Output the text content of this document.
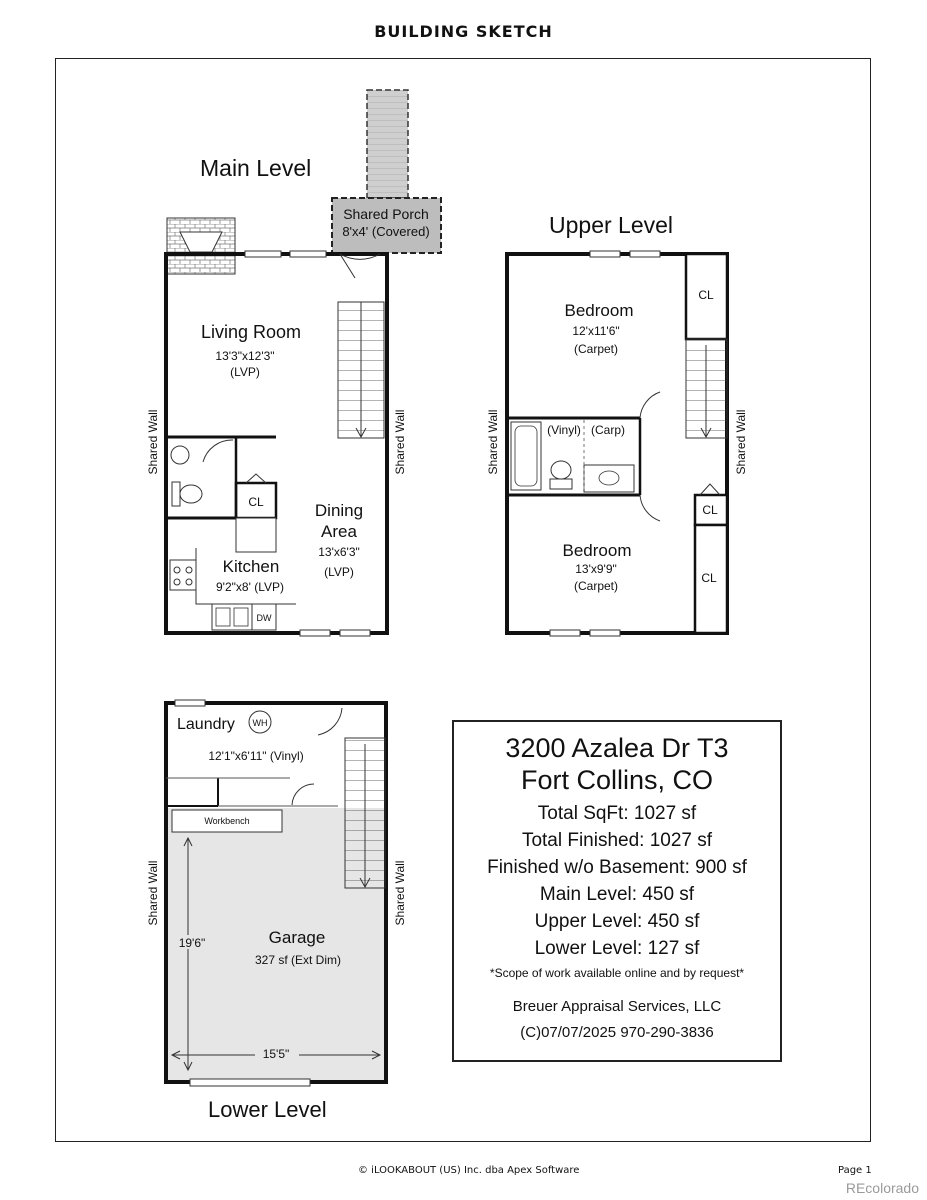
BUILDING SKETCH
Main Level
Shared Porch
8'x4' (Covered)
Living Room
13'3"x12'3"
(LVP)
CL
DW
Kitchen
9'2"x8' (LVP)
Dining
Area
13'x6'3"
(LVP)
Shared Wall	Shared Wall
Upper Level
CL
Bedroom
12'x11'6"
(Carpet)
(Vinyl) (Carp)
CL
CL
Bedroom
13'x9'9"
(Carpet)
Shared Wall	Shared Wall
Laundry WH
12'1"x6'11" (Vinyl)
Workbench
Garage
327 sf (Ext Dim)
19'6"
15'5"
Shared Wall	Shared Wall
Lower Level
3200 Azalea Dr T3
Fort Collins, CO
Total SqFt: 1027 sf
Total Finished: 1027 sf
Finished w/o Basement: 900 sf
Main Level: 450 sf
Upper Level: 450 sf
Lower Level: 127 sf
*Scope of work available online and by request*
Breuer Appraisal Services, LLC
(C)07/07/2025 970-290-3836
© iLOOKABOUT (US) Inc. dba Apex Software	Page 1
REcolorado
